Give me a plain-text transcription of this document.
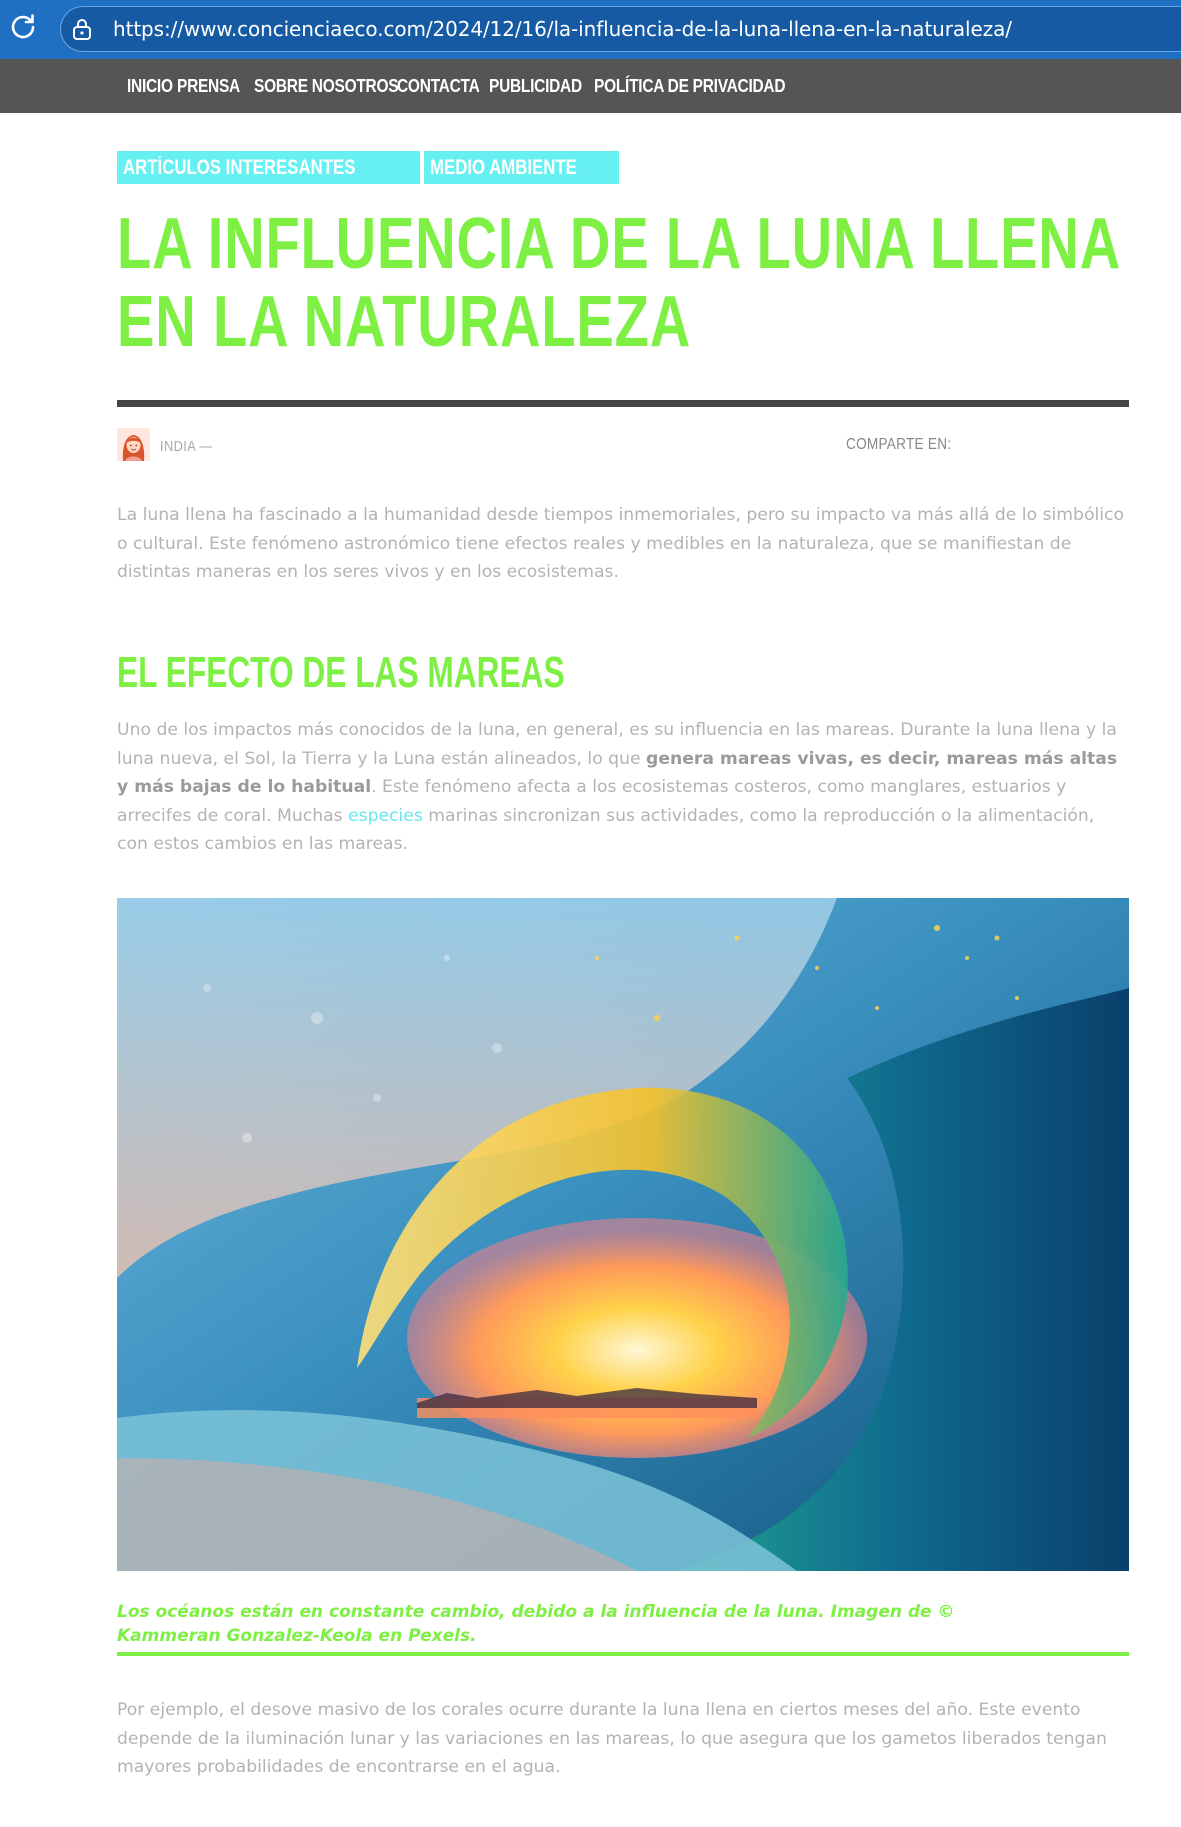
https://www.concienciaeco.com/2024/12/16/la-influencia-de-la-luna-llena-en-la-naturaleza/
INICIO PRENSA SOBRE NOSOTROS
CONTACTA PUBLICIDAD POLÍTICA DE PRIVACIDAD
ARTÍCULOS INTERESANTES	MEDIO AMBIENTE
LA INFLUENCIA DE LA LUNA LLENA EN LA NATURALEZA
INDIA —	COMPARTE EN:

La luna llena ha fascinado a la humanidad desde tiempos inmemoriales, pero su impacto va más allá de lo simbólico o cultural. Este fenómeno astronómico tiene efectos reales y medibles en la naturaleza, que se manifiestan de distintas maneras en los seres vivos y en los ecosistemas.

EL EFECTO DE LAS MAREAS

Uno de los impactos más conocidos de la luna, en general, es su influencia en las mareas. Durante la luna llena y la luna nueva, el Sol, la Tierra y la Luna están alineados, lo que genera mareas vivas, es decir, mareas más altas y más bajas de lo habitual. Este fenómeno afecta a los ecosistemas costeros, como manglares, estuarios y arrecifes de coral. Muchas especies marinas sincronizan sus actividades, como la reproducción o la alimentación, con estos cambios en las mareas.

Los océanos están en constante cambio, debido a la influencia de la luna. Imagen de © Kammeran Gonzalez-Keola en Pexels.

Por ejemplo, el desove masivo de los corales ocurre durante la luna llena en ciertos meses del año. Este evento depende de la iluminación lunar y las variaciones en las mareas, lo que asegura que los gametos liberados tengan mayores probabilidades de encontrarse en el agua.
